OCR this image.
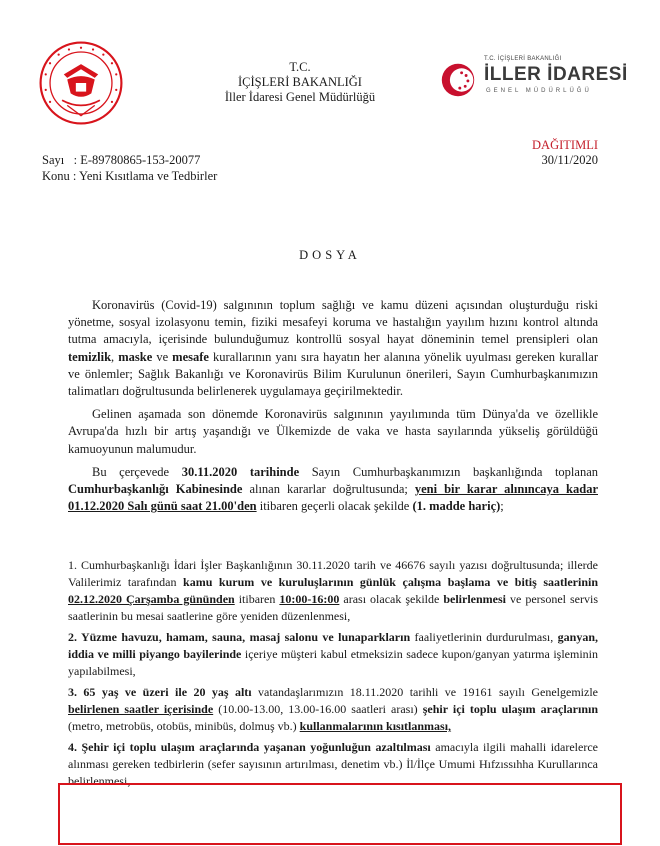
T.C.
İÇİŞLERİ BAKANLIĞI
İller İdaresi Genel Müdürlüğü
T.C. İÇİŞLERİ BAKANLIĞI
İLLER İDARESİ
GENEL MÜDÜRLÜĞÜ
DAĞITIMLI
30/11/2020
Sayı   : E-89780865-153-20077
Konu : Yeni Kısıtlama ve Tedbirler
DOSYA

Koronavirüs (Covid-19) salgınının toplum sağlığı ve kamu düzeni açısından oluşturduğu riski yönetme, sosyal izolasyonu temin, fiziki mesafeyi koruma ve hastalığın yayılım hızını kontrol altında tutma amacıyla, içerisinde bulunduğumuz kontrollü sosyal hayat döneminin temel prensipleri olan temizlik, maske ve mesafe kurallarının yanı sıra hayatın her alanına yönelik uyulması gereken kurallar ve önlemler; Sağlık Bakanlığı ve Koronavirüs Bilim Kurulunun önerileri, Sayın Cumhurbaşkanımızın talimatları doğrultusunda belirlenerek uygulamaya geçirilmektedir.

Gelinen aşamada son dönemde Koronavirüs salgınının yayılımında tüm Dünya'da ve özellikle Avrupa'da hızlı bir artış yaşandığı ve Ülkemizde de vaka ve hasta sayılarında yükseliş görüldüğü kamuoyunun malumudur.

Bu çerçevede 30.11.2020 tarihinde Sayın Cumhurbaşkanımızın başkanlığında toplanan Cumhurbaşkanlığı Kabinesinde alınan kararlar doğrultusunda; yeni bir karar alınıncaya kadar 01.12.2020 Salı günü saat 21.00'den itibaren geçerli olacak şekilde (1. madde hariç);

1. Cumhurbaşkanlığı İdari İşler Başkanlığının 30.11.2020 tarih ve 46676 sayılı yazısı doğrultusunda; illerde Valilerimiz tarafından kamu kurum ve kuruluşlarının günlük çalışma başlama ve bitiş saatlerinin 02.12.2020 Çarşamba gününden itibaren 10:00-16:00 arası olacak şekilde belirlenmesi ve personel servis saatlerinin bu mesai saatlerine göre yeniden düzenlenmesi,
2. Yüzme havuzu, hamam, sauna, masaj salonu ve lunaparkların faaliyetlerinin durdurulması, ganyan, iddia ve milli piyango bayilerinde içeriye müşteri kabul etmeksizin sadece kupon/ganyan yatırma işleminin yapılabilmesi,
3. 65 yaş ve üzeri ile 20 yaş altı vatandaşlarımızın 18.11.2020 tarihli ve 19161 sayılı Genelgemizle belirlenen saatler içerisinde (10.00-13.00, 13.00-16.00 saatleri arası) şehir içi toplu ulaşım araçlarının (metro, metrobüs, otobüs, minibüs, dolmuş vb.) kullanmalarının kısıtlanması,
4. Şehir içi toplu ulaşım araçlarında yaşanan yoğunluğun azaltılması amacıyla ilgili mahalli idarelerce alınması gereken tedbirlerin (sefer sayısının artırılması, denetim vb.) İl/İlçe Umumi Hıfzıssıhha Kurullarınca belirlenmesi,
